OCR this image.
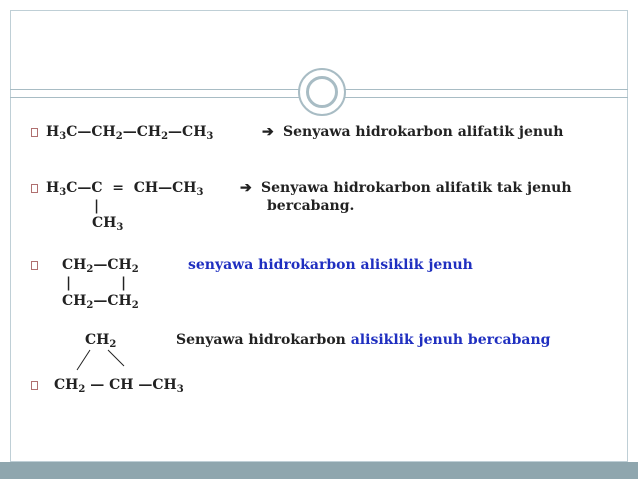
$H_3C—CH_2—CH_2—CH_3$	➔ Senyawa hidrokarbon alifatik jenuh
$H_3C—C$ = $CH—CH_3$
|
$CH_3$
➔ Senyawa hidrokarbon alifatik tak jenuh
bercabang.
$CH_2—CH_2$
|	|
$CH_2—CH_2$
senyawa hidrokarbon alisiklik jenuh
$CH_2$	Senyawa hidrokarbon alisiklik jenuh bercabang
$CH_2$ — CH $—CH_3$
